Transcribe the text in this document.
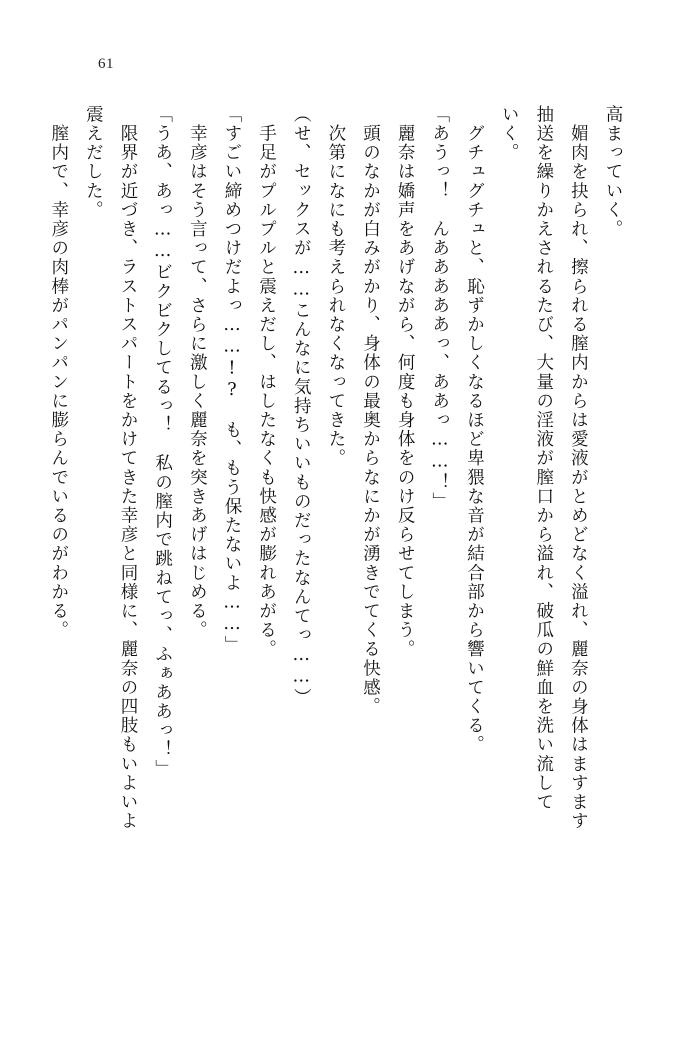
61

高まっていく。

　媚肉を抉られ、擦られる膣内からは愛液がとめどなく溢れ、麗奈の身体はますます

抽送を繰りかえされるたび、大量の淫液が膣口から溢れ、破瓜の鮮血を洗い流して

いく。

　グチュグチュと、恥ずかしくなるほど卑猥な音が結合部から響いてくる。

「あうっ！　んあああああっ、ああっ……！」

　麗奈は嬌声をあげながら、何度も身体をのけ反らせてしまう。

　頭のなかが白みがかり、身体の最奥からなにかが湧きでてくる快感。

　次第になにも考えられなくなってきた。

（せ、セックスが……こんなに気持ちいいものだったなんてっ……）

　手足がプルプルと震えだし、はしたなくも快感が膨れあがる。

「すごい締めつけだよっ……!?　も、もう保たないよ……」

　幸彦はそう言って、さらに激しく麗奈を突きあげはじめる。

「うあ、あっ……ビクビクしてるっ！　私の膣内で跳ねてっ、ふぁああっ！」

　限界が近づき、ラストスパートをかけてきた幸彦と同様に、麗奈の四肢もいよいよ

震えだした。

　膣内で、幸彦の肉棒がパンパンに膨らんでいるのがわかる。
